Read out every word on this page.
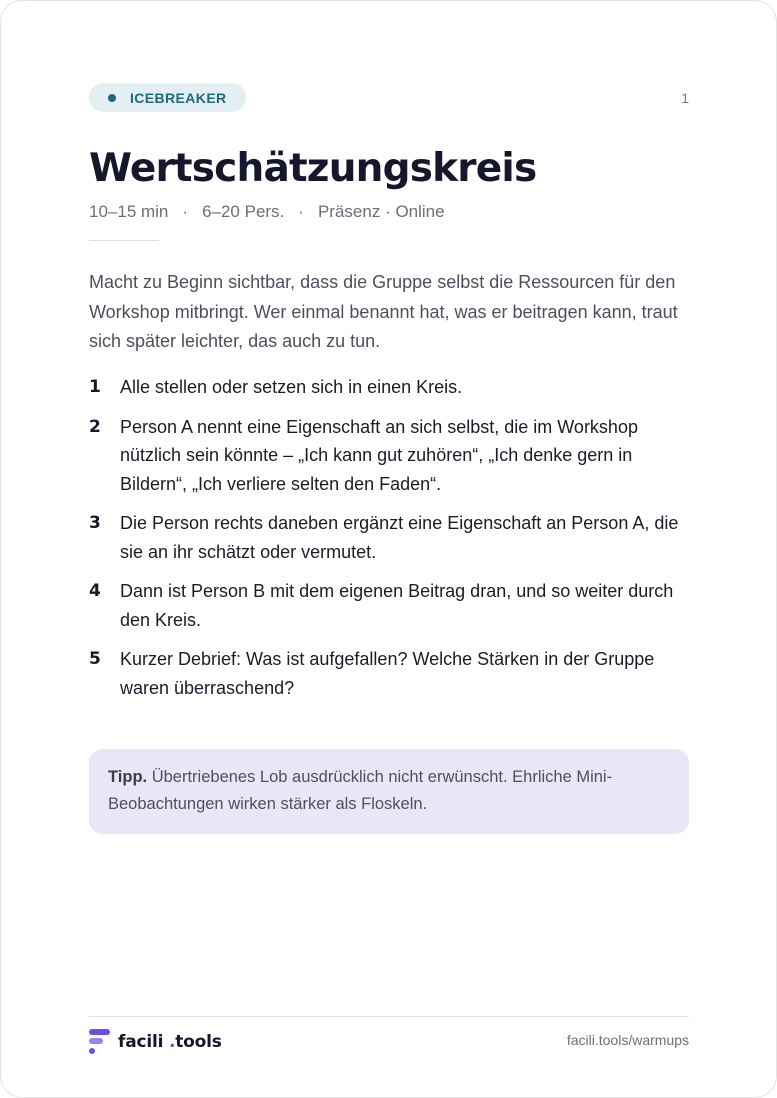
ICEBREAKER	1
Wertschätzungskreis
10–15 min · 6–20 Pers. · Präsenz · Online

Macht zu Beginn sichtbar, dass die Gruppe selbst die Ressourcen für den Workshop mitbringt. Wer einmal benannt hat, was er beitragen kann, traut sich später leichter, das auch zu tun.

1	Alle stellen oder setzen sich in einen Kreis.
2	Person A nennt eine Eigenschaft an sich selbst, die im Workshop nützlich sein könnte – „Ich kann gut zuhören“, „Ich denke gern in Bildern“, „Ich verliere selten den Faden“.
3	Die Person rechts daneben ergänzt eine Eigenschaft an Person A, die sie an ihr schätzt oder vermutet.
4	Dann ist Person B mit dem eigenen Beitrag dran, und so weiter durch den Kreis.
5	Kurzer Debrief: Was ist aufgefallen? Welche Stärken in der Gruppe waren überraschend?
Tipp. Übertriebenes Lob ausdrücklich nicht erwünscht. Ehrliche Mini-Beobachtungen wirken stärker als Floskeln.
facili .tools	facili.tools/warmups
